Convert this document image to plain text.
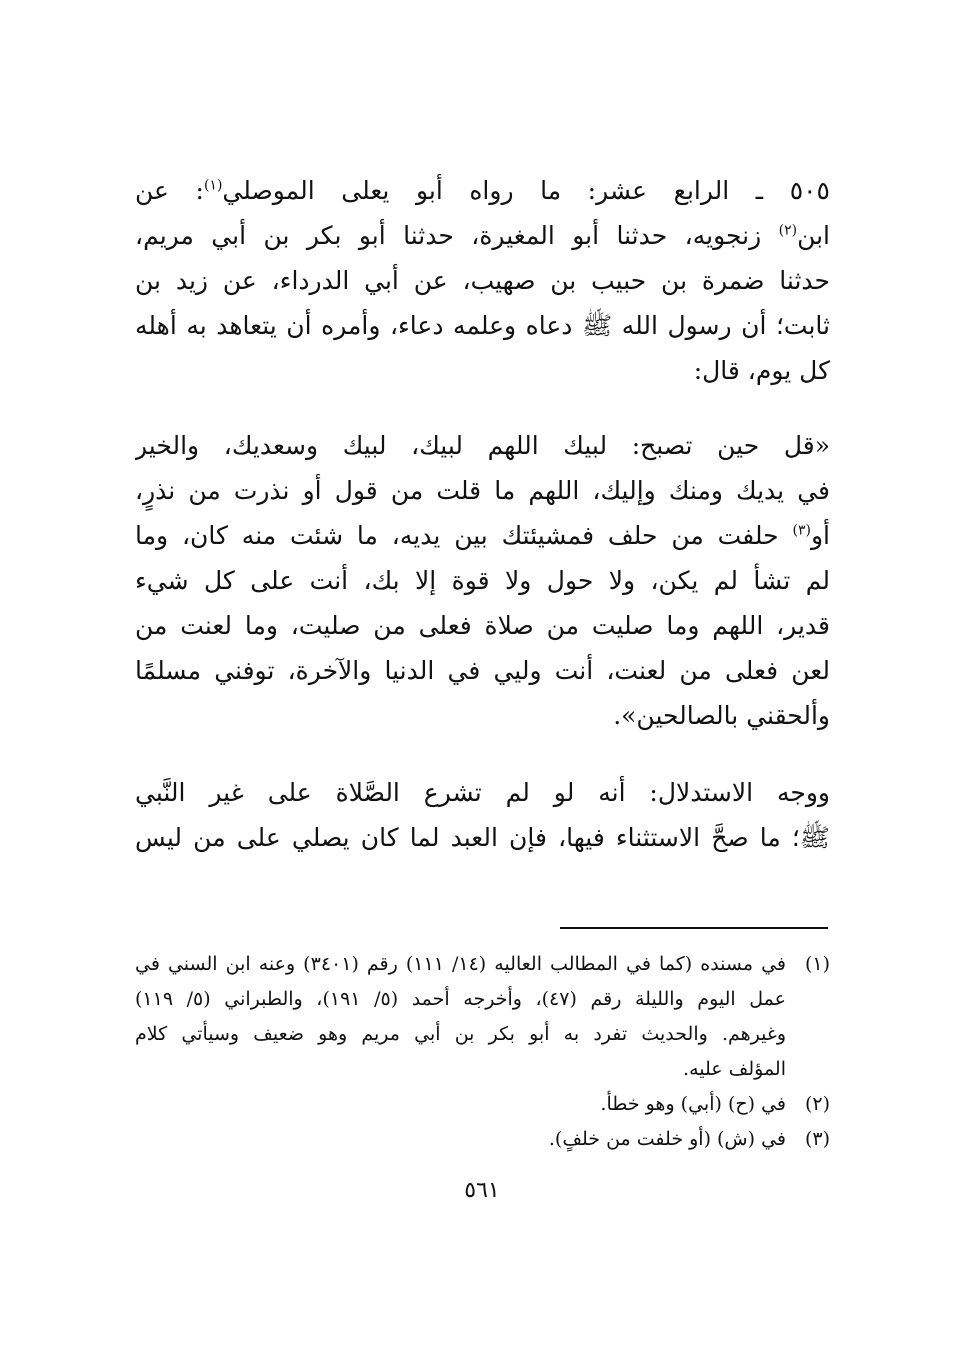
٥٠٥ ـ الرابع عشر: ما رواه أبو يعلى الموصلي$^{(١)}$: عن
ابن$^{(٢)}$ زنجويه، حدثنا أبو المغيرة، حدثنا أبو بكر بن أبي مريم،
حدثنا ضمرة بن حبيب بن صهيب، عن أبي الدرداء، عن زيد بن
ثابت؛ أن رسول الله ﷺ دعاه وعلمه دعاء، وأمره أن يتعاهد به أهله
كل يوم، قال:
«قل حين تصبح: لبيك اللهم لبيك، لبيك وسعديك، والخير
في يديك ومنك وإليك، اللهم ما قلت من قول أو نذرت من نذرٍ،
أو$^{(٣)}$ حلفت من حلف فمشيئتك بين يديه، ما شئت منه كان، وما
لم تشأ لم يكن، ولا حول ولا قوة إلا بك، أنت على كل شيء
قدير، اللهم وما صليت من صلاة فعلى من صليت، وما لعنت من
لعن فعلى من لعنت، أنت وليي في الدنيا والآخرة، توفني مسلمًا
وألحقني بالصالحين».
ووجه الاستدلال: أنه لو لم تشرع الصَّلاة على غير النَّبي
ﷺ؛ ما صحَّ الاستثناء فيها، فإن العبد لما كان يصلي على من ليس
(١)
في مسنده (كما في المطالب العاليه (١٤/ ١١١) رقم (٣٤٠١) وعنه ابن السني في
عمل اليوم والليلة رقم (٤٧)، وأخرجه أحمد (٥/ ١٩١)، والطبراني (٥/ ١١٩)
وغيرهم. والحديث تفرد به أبو بكر بن أبي مريم وهو ضعيف وسيأتي كلام
المؤلف عليه.
(٢)
في (ح) (أبي) وهو خطأ.
(٣)
في (ش) (أو خلفت من خلفٍ).
٥٦١
